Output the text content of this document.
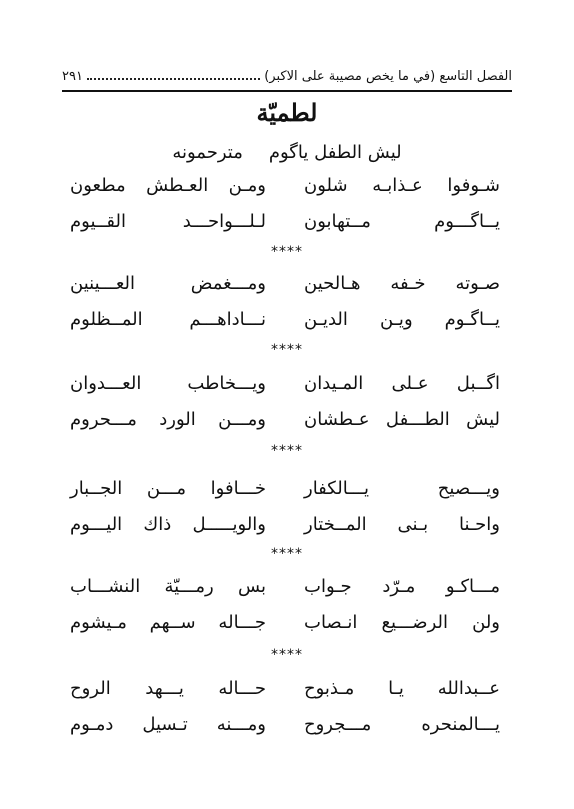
الفصل التاسع (في ما يخص مصيبة على الاكبر)
٢٩١
لطميّة
ليش الطفل ياگوم
مترحمونه
شـوفوا عـذابـه شلون
ومـن العـطش مطعون
يــاگـــوم مــتهابون
لـلـــواحـــد القــيوم
****
صـوته خـفه هـالحين
ومـــغمض العـــينين
يــاگـوم ويـن الديـن
نـــاداهـــم المــظلوم
****
اگــبل عـلى المـيدان
ويـــخاطب العـــدوان
ليش الطـــفل عـطشان
ومـــن الورد مـــحروم
****
ويـــصيح يـــالكفار
خـــافوا مـــن الجــبار
واحـنا بـنى المــختار
والويـــــل ذاك اليـــوم
****
مـــاكـو مـرّد جـواب
بس رمـــيّة النشـــاب
ولن الرضـــيع انـصاب
جـــاله ســهم مـيشوم
****
عــبدالله يـا مـذبوح
حـــاله يـــهد الروح
يـــالمنحره مـــجروح
ومـــنه تـسيل دمـوم
